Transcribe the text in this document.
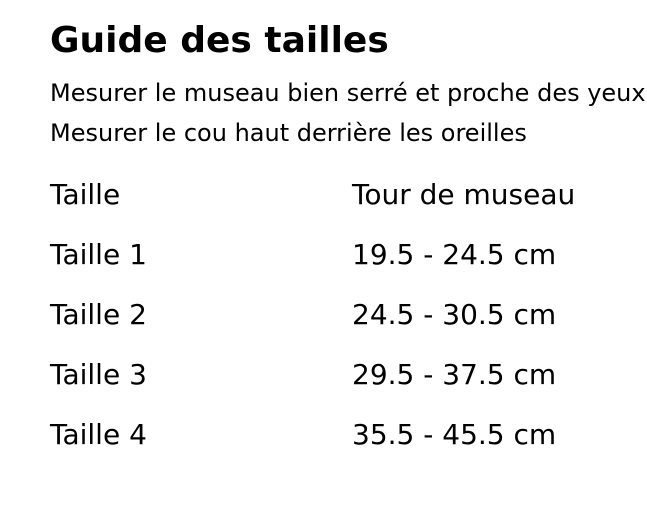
Guide des tailles

Mesurer le museau bien serré et proche des yeux

Mesurer le cou haut derrière les oreilles

Taille	Tour de museau
Taille 1	19.5 - 24.5 cm
Taille 2	24.5 - 30.5 cm
Taille 3	29.5 - 37.5 cm
Taille 4	35.5 - 45.5 cm
